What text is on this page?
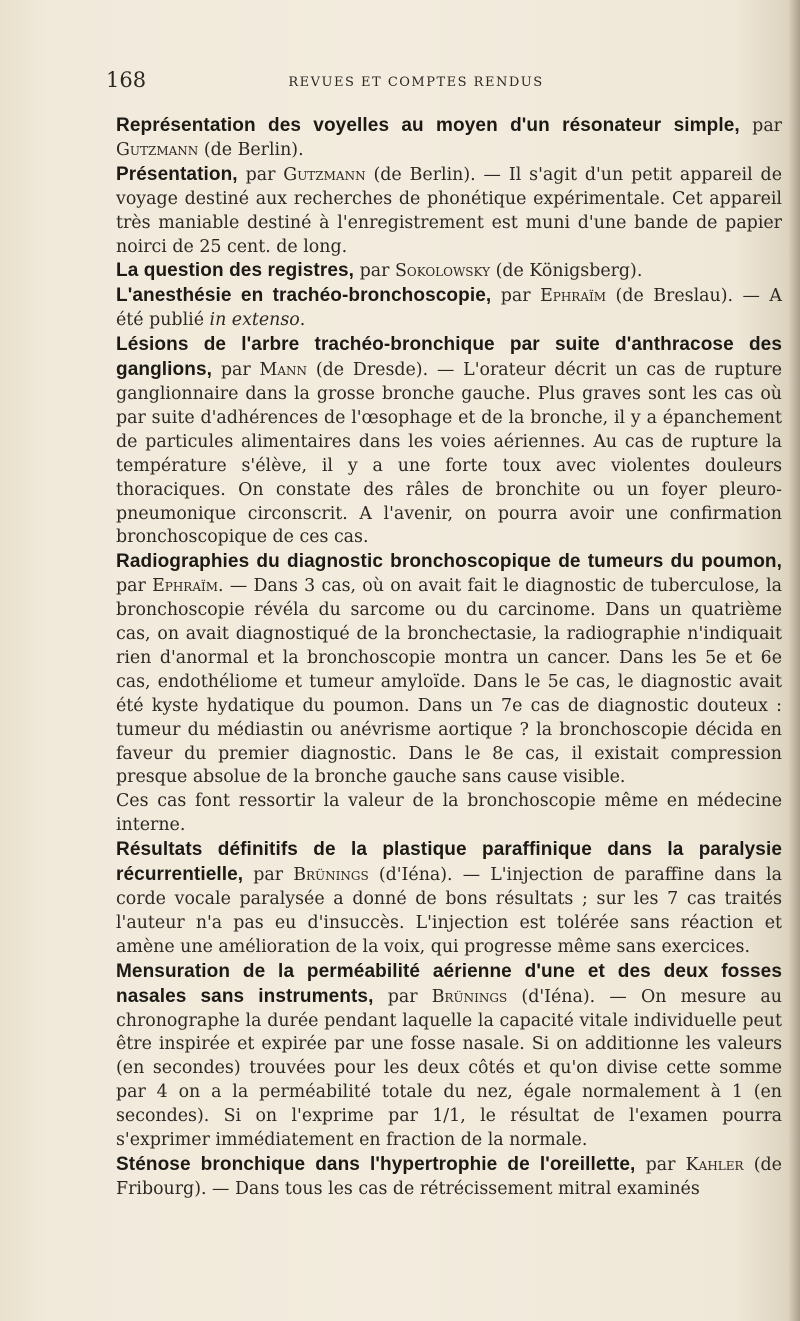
168	REVUES ET COMPTES RENDUS

Représentation des voyelles au moyen d'un résonateur simple, par Gutzmann (de Berlin).

Présentation, par Gutzmann (de Berlin). — Il s'agit d'un petit appareil de voyage destiné aux recherches de phonétique expérimentale. Cet appareil très maniable destiné à l'enregistrement est muni d'une bande de papier noirci de 25 cent. de long.

La question des registres, par Sokolowsky (de Königsberg).

L'anesthésie en trachéo-bronchoscopie, par Ephraïm (de Breslau). — A été publié in extenso.

Lésions de l'arbre trachéo-bronchique par suite d'anthracose des ganglions, par Mann (de Dresde). — L'orateur décrit un cas de rupture ganglionnaire dans la grosse bronche gauche. Plus graves sont les cas où par suite d'adhérences de l'œsophage et de la bronche, il y a épanchement de particules alimentaires dans les voies aériennes. Au cas de rupture la température s'élève, il y a une forte toux avec violentes douleurs thoraciques. On constate des râles de bronchite ou un foyer pleuro-pneumonique circonscrit. A l'avenir, on pourra avoir une confirmation bronchoscopique de ces cas.

Radiographies du diagnostic bronchoscopique de tumeurs du poumon, par Ephraïm. — Dans 3 cas, où on avait fait le diagnostic de tuberculose, la bronchoscopie révéla du sarcome ou du carcinome. Dans un quatrième cas, on avait diagnostiqué de la bronchectasie, la radiographie n'indiquait rien d'anormal et la bronchoscopie montra un cancer. Dans les 5e et 6e cas, endothéliome et tumeur amyloïde. Dans le 5e cas, le diagnostic avait été kyste hydatique du poumon. Dans un 7e cas de diagnostic douteux : tumeur du médiastin ou anévrisme aortique ? la bronchoscopie décida en faveur du premier diagnostic. Dans le 8e cas, il existait compression presque absolue de la bronche gauche sans cause visible.

Ces cas font ressortir la valeur de la bronchoscopie même en médecine interne.

Résultats définitifs de la plastique paraffinique dans la paralysie récurrentielle, par Brünings (d'Iéna). — L'injection de paraffine dans la corde vocale paralysée a donné de bons résultats ; sur les 7 cas traités l'auteur n'a pas eu d'insuccès. L'injection est tolérée sans réaction et amène une amélioration de la voix, qui progresse même sans exercices.

Mensuration de la perméabilité aérienne d'une et des deux fosses nasales sans instruments, par Brünings (d'Iéna). — On mesure au chronographe la durée pendant laquelle la capacité vitale individuelle peut être inspirée et expirée par une fosse nasale. Si on additionne les valeurs (en secondes) trouvées pour les deux côtés et qu'on divise cette somme par 4 on a la perméabilité totale du nez, égale normalement à 1 (en secondes). Si on l'exprime par 1/1, le résultat de l'examen pourra s'exprimer immédiatement en fraction de la normale.

Sténose bronchique dans l'hypertrophie de l'oreillette, par Kahler (de Fribourg). — Dans tous les cas de rétrécissement mitral examinés
